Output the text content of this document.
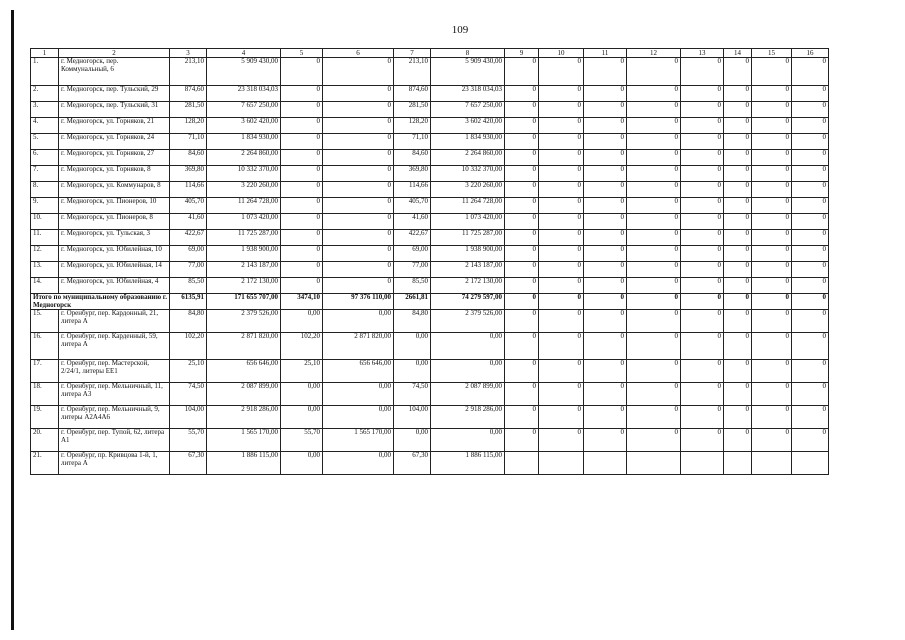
109
1	2	3	4	5	6	7	8	9	10	11	12	13	14	15	16
1.	г. Медногорск, пер. Коммунальный, 6	213,10	5 909 430,00	0	0	213,10	5 909 430,00	0	0	0	0	0	0	0	0
2.	г. Медногорск, пер. Тульский, 29	874,60	23 318 034,03	0	0	874,60	23 318 034,03	0	0	0	0	0	0	0	0
3.	г. Медногорск, пер. Тульский, 31	281,50	7 657 250,00	0	0	281,50	7 657 250,00	0	0	0	0	0	0	0	0
4.	г. Медногорск, ул. Горняков, 21	128,20	3 602 420,00	0	0	128,20	3 602 420,00	0	0	0	0	0	0	0	0
5.	г. Медногорск, ул. Горняков, 24	71,10	1 834 930,00	0	0	71,10	1 834 930,00	0	0	0	0	0	0	0	0
6.	г. Медногорск, ул. Горняков, 27	84,60	2 264 860,00	0	0	84,60	2 264 860,00	0	0	0	0	0	0	0	0
7.	г. Медногорск, ул. Горняков, 8	369,80	10 332 370,00	0	0	369,80	10 332 370,00	0	0	0	0	0	0	0	0
8.	г. Медногорск, ул. Коммунаров, 8	114,66	3 220 260,00	0	0	114,66	3 220 260,00	0	0	0	0	0	0	0	0
9.	г. Медногорск, ул. Пионеров, 10	405,70	11 264 728,00	0	0	405,70	11 264 728,00	0	0	0	0	0	0	0	0
10.	г. Медногорск, ул. Пионеров, 8	41,60	1 073 420,00	0	0	41,60	1 073 420,00	0	0	0	0	0	0	0	0
11.	г. Медногорск, ул. Тульская, 3	422,67	11 725 287,00	0	0	422,67	11 725 287,00	0	0	0	0	0	0	0	0
12.	г. Медногорск, ул. Юбилейная, 10	69,00	1 938 900,00	0	0	69,00	1 938 900,00	0	0	0	0	0	0	0	0
13.	г. Медногорск, ул. Юбилейная, 14	77,00	2 143 187,00	0	0	77,00	2 143 187,00	0	0	0	0	0	0	0	0
14.	г. Медногорск, ул. Юбилейная, 4	85,50	2 172 130,00	0	0	85,50	2 172 130,00	0	0	0	0	0	0	0	0
Итого по муниципальному образованию г. Медногорск		6135,91	171 655 707,00	3474,10	97 376 110,00	2661,81	74 279 597,00	0	0	0	0	0	0	0	0
15.	г. Оренбург, пер. Кардонный, 21, литера А	84,80	2 379 526,00	0,00	0,00	84,80	2 379 526,00	0	0	0	0	0	0	0	0
16.	г. Оренбург, пер. Карденный, 59, литера А	102,20	2 871 820,00	102,20	2 871 820,00	0,00	0,00	0	0	0	0	0	0	0	0
17.	г. Оренбург, пер. Мастерской, 2/24/1, литеры ЕЕ1	25,10	656 646,00	25,10	656 646,00	0,00	0,00	0	0	0	0	0	0	0	0
18.	г. Оренбург, пер. Мельничный, 11, литера А3	74,50	2 087 899,00	0,00	0,00	74,50	2 087 899,00	0	0	0	0	0	0	0	0
19.	г. Оренбург, пер. Мельничный, 9, литеры А2А4А6	104,00	2 918 286,00	0,00	0,00	104,00	2 918 286,00	0	0	0	0	0	0	0	0
20.	г. Оренбург, пер. Тупой, 62, литера А1	55,70	1 565 170,00	55,70	1 565 170,00	0,00	0,00	0	0	0	0	0	0	0	0
21.	г. Оренбург, пр. Кривцова 1-й, 1, литера А	67,30	1 886 115,00	0,00	0,00	67,30	1 886 115,00								
